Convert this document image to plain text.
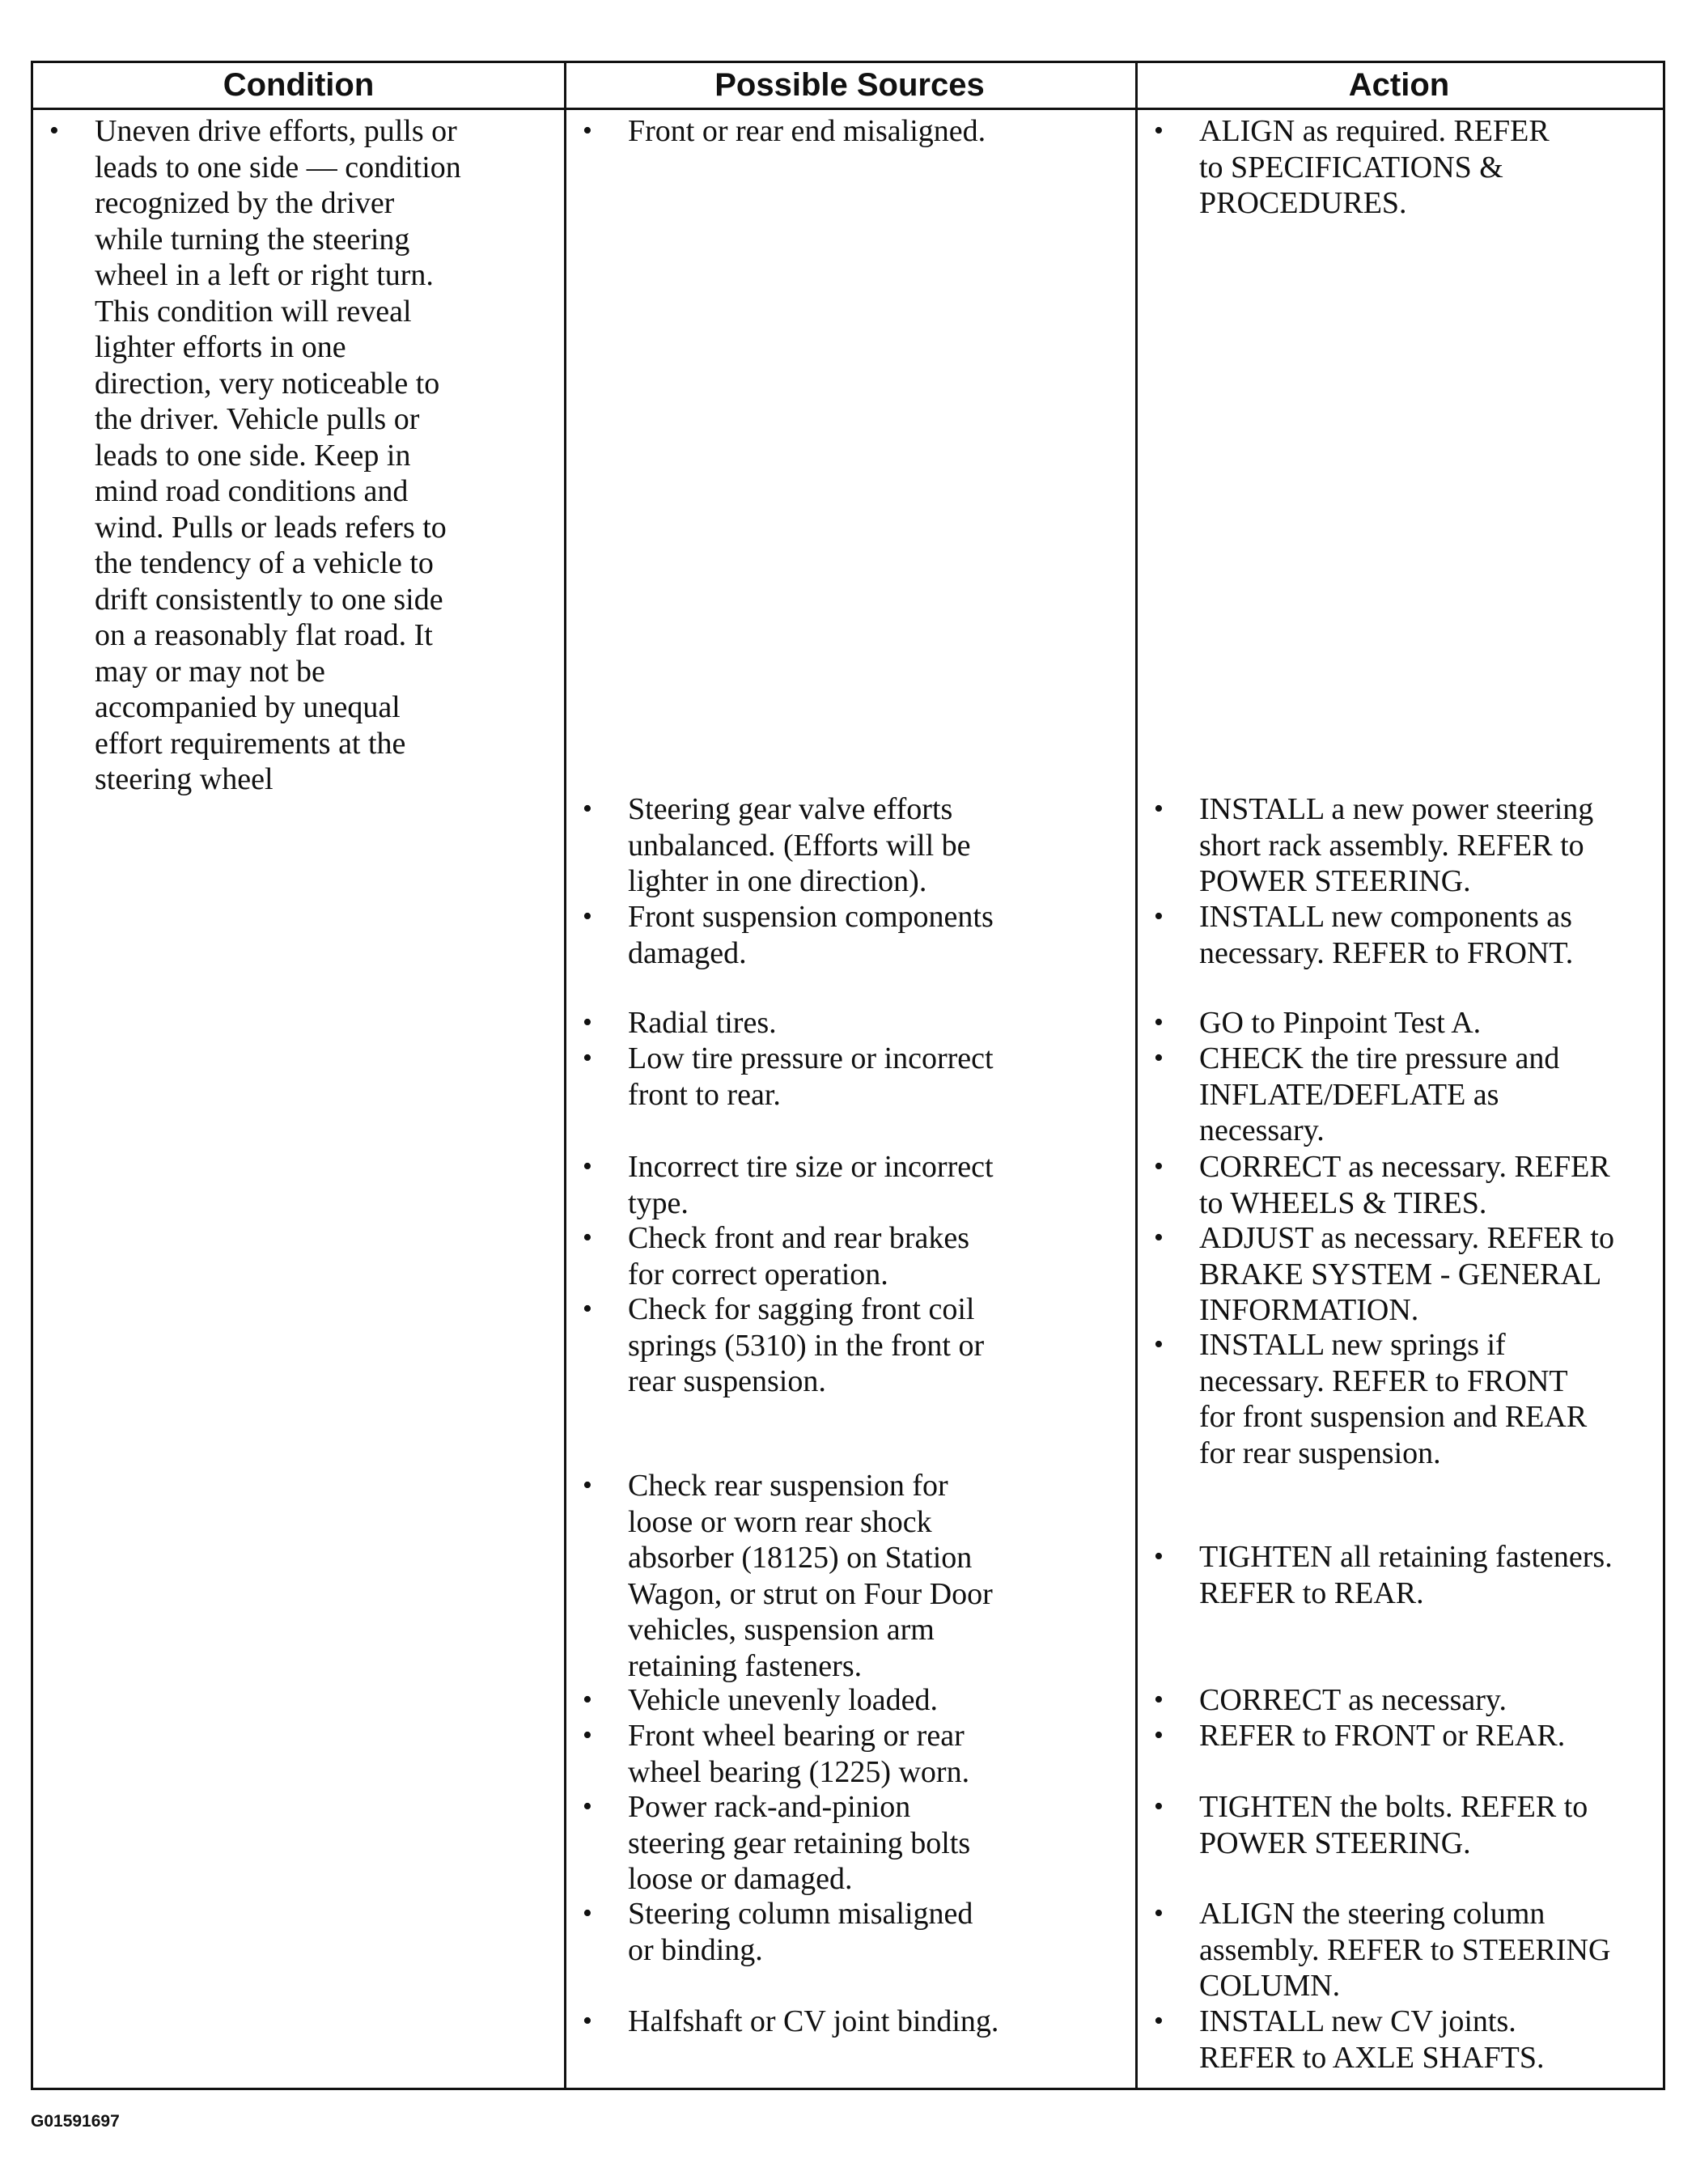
Condition	Possible Sources	Action
• Uneven drive efforts, pulls or
leads to one side — condition
recognized by the driver
while turning the steering
wheel in a left or right turn.
This condition will reveal
lighter efforts in one
direction, very noticeable to
the driver. Vehicle pulls or
leads to one side. Keep in
mind road conditions and
wind. Pulls or leads refers to
the tendency of a vehicle to
drift consistently to one side
on a reasonably flat road. It
may or may not be
accompanied by unequal
effort requirements at the
steering wheel
• Front or rear end misaligned.
• Steering gear valve efforts
unbalanced. (Efforts will be
lighter in one direction).
• Front suspension components
damaged.
• Radial tires.
• Low tire pressure or incorrect
front to rear.
• Incorrect tire size or incorrect
type.
• Check front and rear brakes
for correct operation.
• Check for sagging front coil
springs (5310) in the front or
rear suspension.
• Check rear suspension for
loose or worn rear shock
absorber (18125) on Station
Wagon, or strut on Four Door
vehicles, suspension arm
retaining fasteners.
• Vehicle unevenly loaded.
• Front wheel bearing or rear
wheel bearing (1225) worn.
• Power rack-and-pinion
steering gear retaining bolts
loose or damaged.
• Steering column misaligned
or binding.
• Halfshaft or CV joint binding.
• ALIGN as required. REFER
to SPECIFICATIONS &
PROCEDURES.
• INSTALL a new power steering
short rack assembly. REFER to
POWER STEERING.
• INSTALL new components as
necessary. REFER to FRONT.
• GO to Pinpoint Test A.
• CHECK the tire pressure and
INFLATE/DEFLATE as
necessary.
• CORRECT as necessary. REFER
to WHEELS & TIRES.
• ADJUST as necessary. REFER to
BRAKE SYSTEM - GENERAL
INFORMATION.
• INSTALL new springs if
necessary. REFER to FRONT
for front suspension and REAR
for rear suspension.
• TIGHTEN all retaining fasteners.
REFER to REAR.
• CORRECT as necessary.
• REFER to FRONT or REAR.
• TIGHTEN the bolts. REFER to
POWER STEERING.
• ALIGN the steering column
assembly. REFER to STEERING
COLUMN.
• INSTALL new CV joints.
REFER to AXLE SHAFTS.
G01591697
